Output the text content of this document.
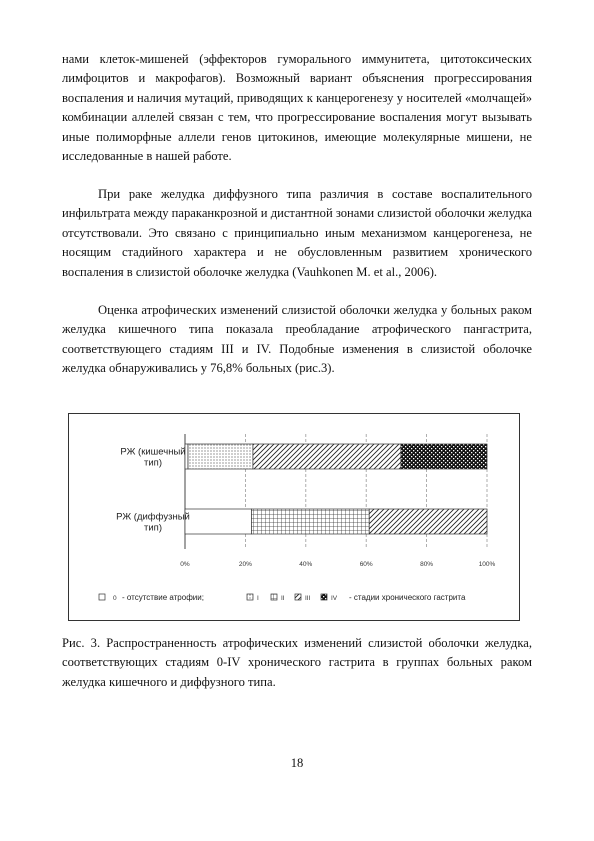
нами клеток-мишеней (эффекторов гуморального иммунитета, цитотоксических лимфоцитов и макрофагов). Возможный вариант объяснения прогрессирования воспаления и наличия мутаций, приводящих к канцерогенезу у носителей «молчащей» комбинации аллелей связан с тем, что прогрессирование воспаления могут вызывать иные полиморфные аллели генов цитокинов, имеющие молекулярные мишени, не исследованные в нашей работе.

При раке желудка диффузного типа различия в составе воспалительного инфильтрата между параканкрозной и дистантной зонами слизистой оболочки желудка отсутствовали. Это связано с принципиально иным механизмом канцерогенеза, не носящим стадийного характера и не обусловленным развитием хронического воспаления в слизистой оболочке желудка (Vauhkonen M. et al., 2006).

Оценка атрофических изменений слизистой оболочки желудка у больных раком желудка кишечного типа показала преобладание атрофического пангастрита, соответствующего стадиям III и IV. Подобные изменения в слизистой оболочке желудка обнаруживались у 76,8% больных (рис.3).

РЖ (кишечный тип)
РЖ (диффузный тип)
0%	20%	40%	60%	80%	100%
0 - отсутствие атрофии;	I	II	III	IV - стадии хронического гастрита

Рис. 3. Распространенность атрофических изменений слизистой оболочки желудка, соответствующих стадиям 0-IV хронического гастрита в группах больных раком желудка кишечного и диффузного типа.

18
